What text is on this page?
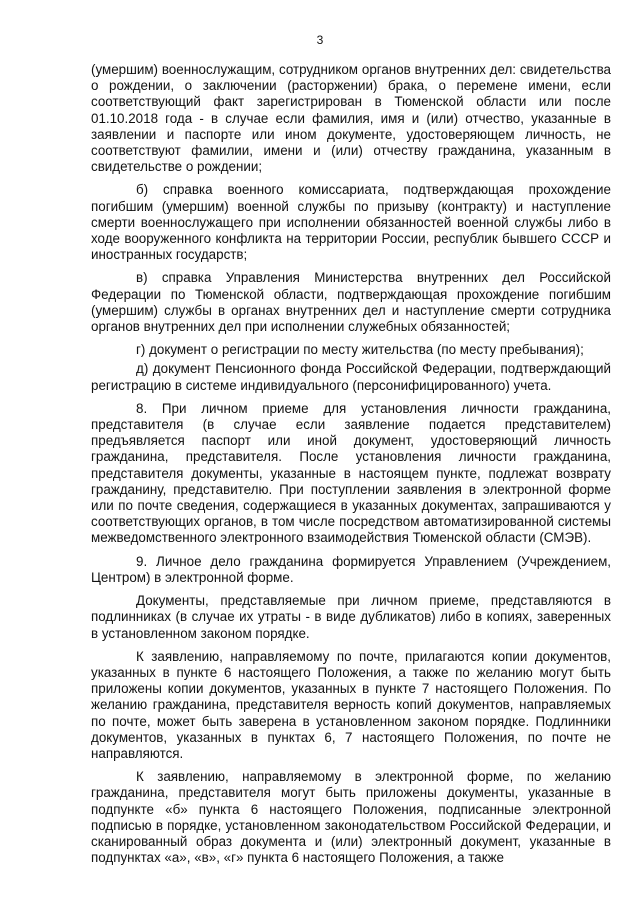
3

(умершим) военнослужащим, сотрудником органов внутренних дел: свидетельства о рождении, о заключении (расторжении) брака, о перемене имени, если соответствующий факт зарегистрирован в Тюменской области или после 01.10.2018 года - в случае если фамилия, имя и (или) отчество, указанные в заявлении и паспорте или ином документе, удостоверяющем личность, не соответствуют фамилии, имени и (или) отчеству гражданина, указанным в свидетельстве о рождении;

б) справка военного комиссариата, подтверждающая прохождение погибшим (умершим) военной службы по призыву (контракту) и наступление смерти военнослужащего при исполнении обязанностей военной службы либо в ходе вооруженного конфликта на территории России, республик бывшего СССР и иностранных государств;

в) справка Управления Министерства внутренних дел Российской Федерации по Тюменской области, подтверждающая прохождение погибшим (умершим) службы в органах внутренних дел и наступление смерти сотрудника органов внутренних дел при исполнении служебных обязанностей;

г) документ о регистрации по месту жительства (по месту пребывания);

д) документ Пенсионного фонда Российской Федерации, подтверждающий регистрацию в системе индивидуального (персонифицированного) учета.

8. При личном приеме для установления личности гражданина, представителя (в случае если заявление подается представителем) предъявляется паспорт или иной документ, удостоверяющий личность гражданина, представителя. После установления личности гражданина, представителя документы, указанные в настоящем пункте, подлежат возврату гражданину, представителю. При поступлении заявления в электронной форме или по почте сведения, содержащиеся в указанных документах, запрашиваются у соответствующих органов, в том числе посредством автоматизированной системы межведомственного электронного взаимодействия Тюменской области (СМЭВ).

9. Личное дело гражданина формируется Управлением (Учреждением, Центром) в электронной форме.

Документы, представляемые при личном приеме, представляются в подлинниках (в случае их утраты - в виде дубликатов) либо в копиях, заверенных в установленном законом порядке.

К заявлению, направляемому по почте, прилагаются копии документов, указанных в пункте 6 настоящего Положения, а также по желанию могут быть приложены копии документов, указанных в пункте 7 настоящего Положения. По желанию гражданина, представителя верность копий документов, направляемых по почте, может быть заверена в установленном законом порядке. Подлинники документов, указанных в пунктах 6, 7 настоящего Положения, по почте не направляются.

К заявлению, направляемому в электронной форме, по желанию гражданина, представителя могут быть приложены документы, указанные в подпункте «б» пункта 6 настоящего Положения, подписанные электронной подписью в порядке, установленном законодательством Российской Федерации, и сканированный образ документа и (или) электронный документ, указанные в подпунктах «а», «в», «г» пункта 6 настоящего Положения, а также
